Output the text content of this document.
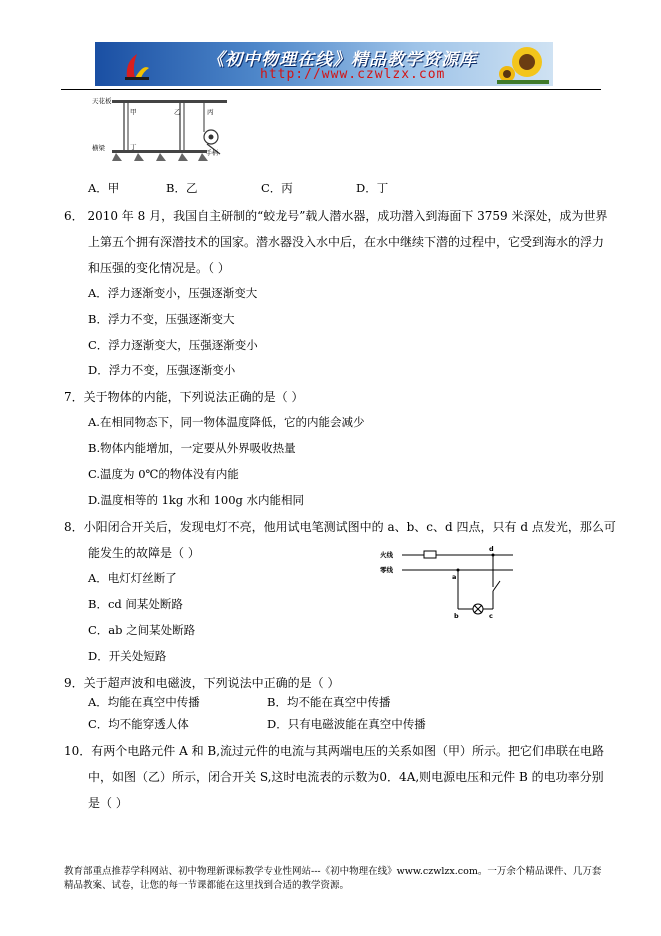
《初中物理在线》精品教学资源库
http://www.czwlzx.com
天花板
甲	乙	丙
手柄
横梁	丁
A．甲	B．乙	C．丙	D．丁
6． 2010 年 8 月，我国自主研制的“蛟龙号”载人潜水器，成功潜入到海面下 3759 米深处，成为世界
上第五个拥有深潜技术的国家。潜水器没入水中后，在水中继续下潜的过程中，它受到海水的浮力
和压强的变化情况是。（ ）
A．浮力逐渐变小，压强逐渐变大
B．浮力不变，压强逐渐变大
C．浮力逐渐变大，压强逐渐变小
D．浮力不变，压强逐渐变小
7．关于物体的内能，下列说法正确的是（ ）
A.在相同物态下，同一物体温度降低，它的内能会减少
B.物体内能增加，一定要从外界吸收热量
C.温度为 0℃的物体没有内能
D.温度相等的 1kg 水和 100g 水内能相同
8．小阳闭合开关后，发现电灯不亮，他用试电笔测试图中的 a、b、c、d 四点，只有 d 点发光，那么可
能发生的故障是（ ）
A．电灯灯丝断了
B．cd 间某处断路
C．ab 之间某处断路
D．开关处短路
火线
零线
a
b	c
d
9．关于超声波和电磁波，下列说法中正确的是（ ）
A．均能在真空中传播	B．均不能在真空中传播
C．均不能穿透人体	D．只有电磁波能在真空中传播
10．有两个电路元件 A 和 B,流过元件的电流与其两端电压的关系如图（甲）所示。把它们串联在电路
中，如图（乙）所示，闭合开关 S,这时电流表的示数为0．4A,则电源电压和元件 B 的电功率分别
是（ ）
教育部重点推荐学科网站、初中物理新课标教学专业性网站---《初中物理在线》www.czwlzx.com。一万余个精品课件、几万套精品教案、试卷，让您的每一节课都能在这里找到合适的教学资源。
